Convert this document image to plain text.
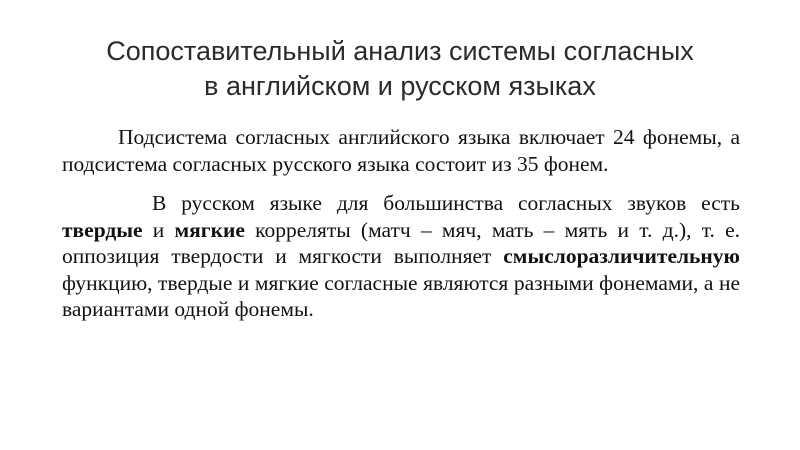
Сопоставительный анализ системы согласных
в английском и русском языках

Подсистема согласных английского языка включает 24 фонемы, а подсистема согласных русского языка состоит из 35 фонем.

В русском языке для большинства согласных звуков есть твердые и мягкие корреляты (матч – мяч, мать – мять и т. д.), т. е. оппозиция твердости и мягкости выполняет смыслоразличительную функцию, твердые и мягкие согласные являются разными фонемами, а не вариантами одной фонемы.
